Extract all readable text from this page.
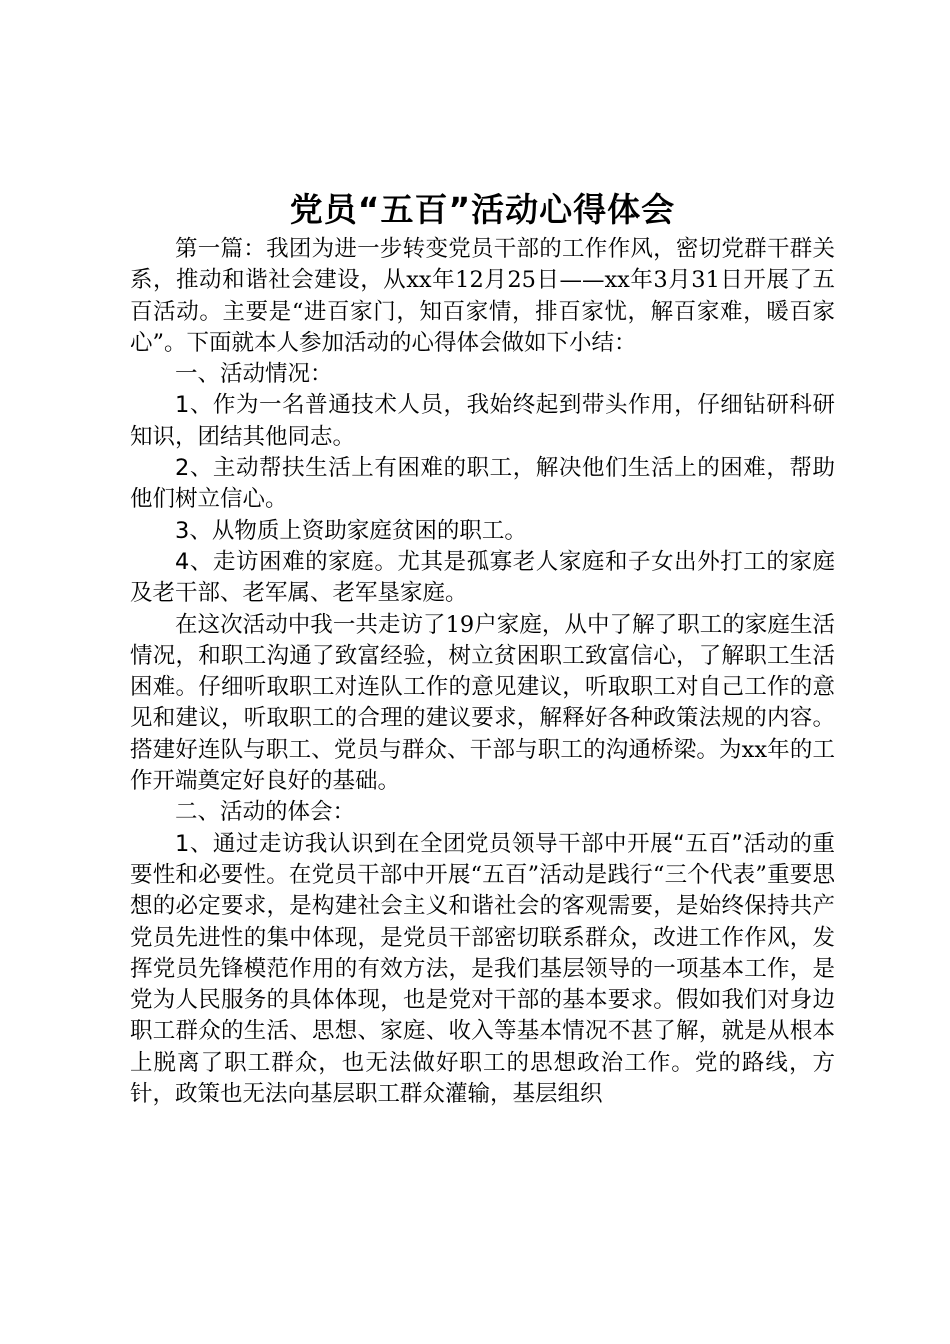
党员“五百”活动心得体会

第一篇：我团为进一步转变党员干部的工作作风，密切党群干群关系，推动和谐社会建设，从xx年12月25日——xx年3月31日开展了五百活动。主要是“进百家门，知百家情，排百家忧，解百家难，暖百家心”。下面就本人参加活动的心得体会做如下小结：

一、活动情况：

1、作为一名普通技术人员，我始终起到带头作用，仔细钻研科研知识，团结其他同志。

2、主动帮扶生活上有困难的职工，解决他们生活上的困难，帮助他们树立信心。

3、从物质上资助家庭贫困的职工。

4、走访困难的家庭。尤其是孤寡老人家庭和子女出外打工的家庭及老干部、老军属、老军垦家庭。

在这次活动中我一共走访了19户家庭，从中了解了职工的家庭生活情况，和职工沟通了致富经验，树立贫困职工致富信心，了解职工生活困难。仔细听取职工对连队工作的意见建议，听取职工对自己工作的意见和建议，听取职工的合理的建议要求，解释好各种政策法规的内容。搭建好连队与职工、党员与群众、干部与职工的沟通桥梁。为xx年的工作开端奠定好良好的基础。

二、活动的体会：

1、通过走访我认识到在全团党员领导干部中开展“五百”活动的重要性和必要性。在党员干部中开展“五百”活动是践行“三个代表”重要思想的必定要求，是构建社会主义和谐社会的客观需要，是始终保持共产党员先进性的集中体现，是党员干部密切联系群众，改进工作作风，发挥党员先锋模范作用的有效方法，是我们基层领导的一项基本工作，是党为人民服务的具体体现，也是党对干部的基本要求。假如我们对身边职工群众的生活、思想、家庭、收入等基本情况不甚了解，就是从根本上脱离了职工群众，也无法做好职工的思想政治工作。党的路线，方针，政策也无法向基层职工群众灌输，基层组织
